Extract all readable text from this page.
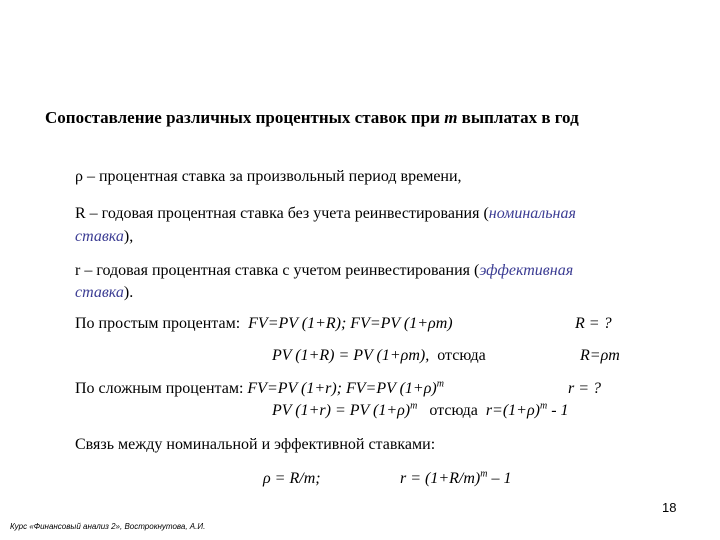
Сопоставление различных процентных ставок при m выплатах в год
ρ – процентная ставка за произвольный период времени,
R – годовая процентная ставка без учета реинвестирования (номинальная
ставка),
r – годовая процентная ставка с учетом реинвестирования (эффективная
ставка).
По простым процентам: FV=PV (1+R); FV=PV (1+ρm)	R = ?
PV (1+R) = PV (1+ρm), отсюда	R=ρm
По сложным процентам: FV=PV (1+r); FV=PV $(1+\rho)^m$	r = ?
PV (1+r) = PV $(1+\rho)^m$ отсюда $r=(1+\rho)^m - 1$
Связь между номинальной и эффективной ставками:
ρ = R/m;	$r = (1+R/m)^m - 1$
18
Курс «Финансовый анализ 2», Вострокнутова, А.И.
